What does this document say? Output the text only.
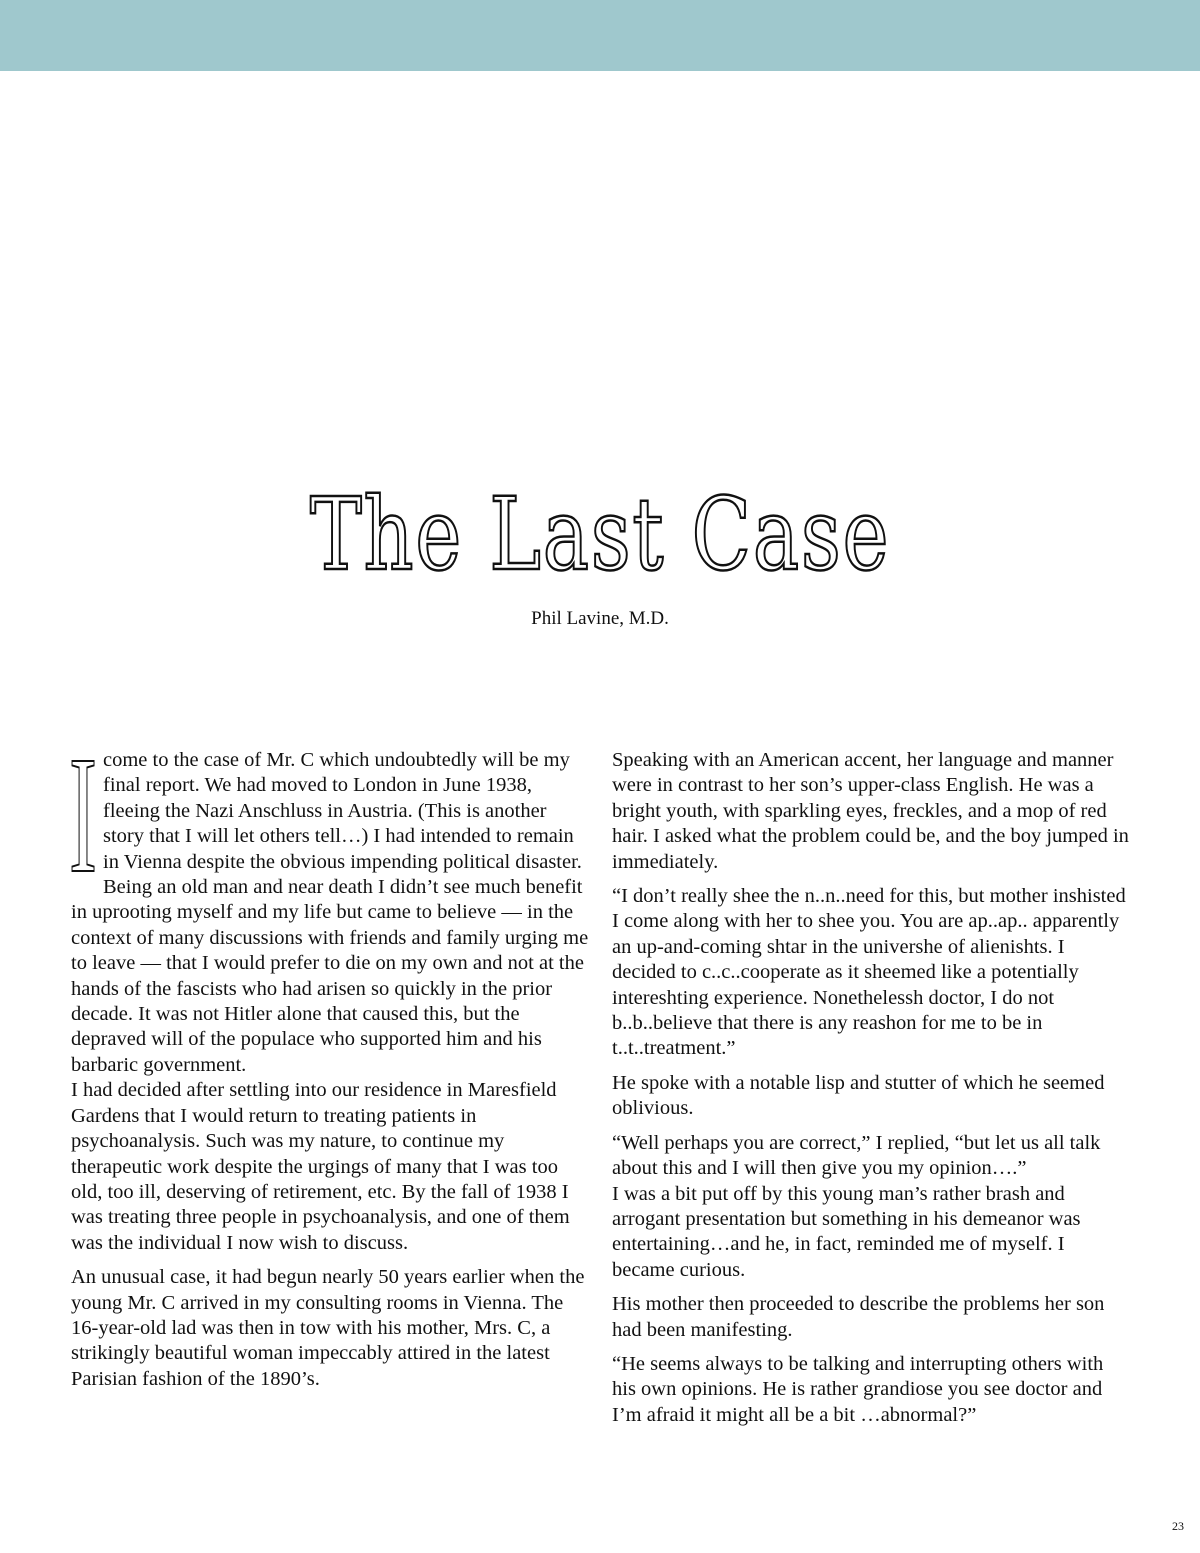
The Last Case
Phil Lavine, M.D.

Icome to the case of Mr. C which undoubtedly will be my final report. We had moved to London in June 1938, fleeing the Nazi Anschluss in Austria. (This is another story that I will let others tell…) I had intended to remain in Vienna despite the obvious impending political disaster. Being an old man and near death I didn’t see much benefit in uprooting myself and my life but came to believe — in the context of many discussions with friends and family urging me to leave — that I would prefer to die on my own and not at the hands of the fascists who had arisen so quickly in the prior decade. It was not Hitler alone that caused this, but the depraved will of the populace who supported him and his barbaric government.

I had decided after settling into our residence in Maresfield Gardens that I would return to treating patients in psychoanalysis. Such was my nature, to continue my therapeutic work despite the urgings of many that I was too old, too ill, deserving of retirement, etc. By the fall of 1938 I was treating three people in psychoanalysis, and one of them was the individual I now wish to discuss.

An unusual case, it had begun nearly 50 years earlier when the young Mr. C arrived in my consulting rooms in Vienna. The 16-year-old lad was then in tow with his mother, Mrs. C, a strikingly beautiful woman impeccably attired in the latest Parisian fashion of the 1890’s.

Speaking with an American accent, her language and manner were in contrast to her son’s upper-class English. He was a bright youth, with sparkling eyes, freckles, and a mop of red hair. I asked what the problem could be, and the boy jumped in immediately.

“I don’t really shee the n..n..need for this, but mother inshisted I come along with her to shee you. You are ap..ap.. apparently an up-and-coming shtar in the univershe of alienishts. I decided to c..c..cooperate as it sheemed like a potentially intereshting experience. Nonethelessh doctor, I do not b..b..believe that there is any reashon for me to be in t..t..treatment.”

He spoke with a notable lisp and stutter of which he seemed oblivious.

“Well perhaps you are correct,” I replied, “but let us all talk about this and I will then give you my opinion….”

I was a bit put off by this young man’s rather brash and arrogant presentation but something in his demeanor was entertaining…and he, in fact, reminded me of myself. I became curious.

His mother then proceeded to describe the problems her son had been manifesting.

“He seems always to be talking and interrupting others with his own opinions. He is rather grandiose you see doctor and I’m afraid it might all be a bit …abnormal?”

23
